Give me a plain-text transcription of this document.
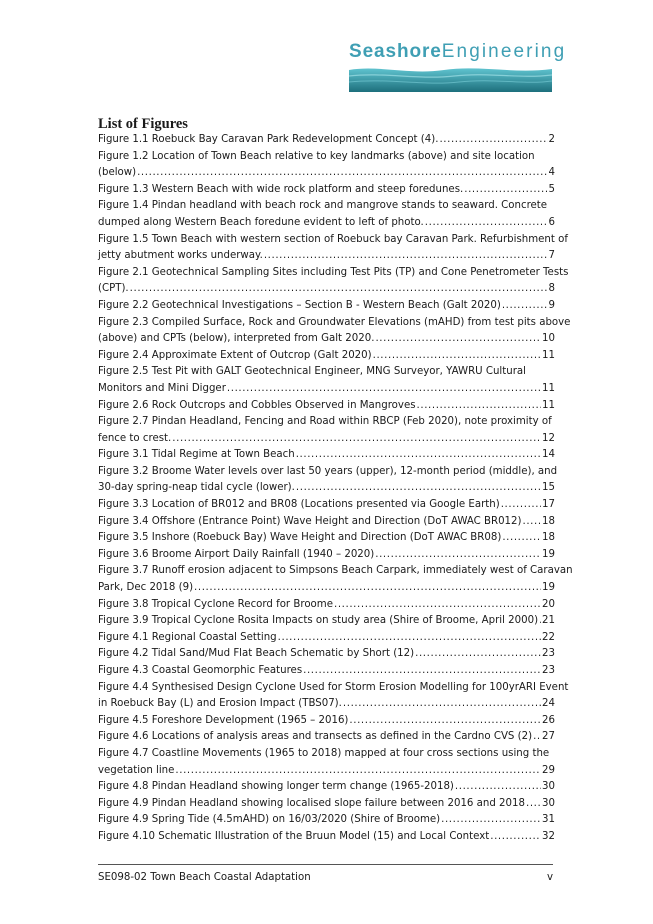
SeashoreEngineering
List of Figures
Figure 1.1 Roebuck Bay Caravan Park Redevelopment Concept (4). .....	2
Figure 1.2 Location of Town Beach relative to key landmarks (above) and site location
(below) .....	4
Figure 1.3 Western Beach with wide rock platform and steep foredunes. .....	5
Figure 1.4 Pindan headland with beach rock and mangrove stands to seaward. Concrete
dumped along Western Beach foredune evident to left of photo. .....	6
Figure 1.5 Town Beach with western section of Roebuck bay Caravan Park. Refurbishment of
jetty abutment works underway. .....	7
Figure 2.1 Geotechnical Sampling Sites including Test Pits (TP) and Cone Penetrometer Tests
(CPT). .....	8
Figure 2.2 Geotechnical Investigations – Section B - Western Beach (Galt 2020) .....	9
Figure 2.3 Compiled Surface, Rock and Groundwater Elevations (mAHD) from test pits above
(above) and CPTs (below), interpreted from Galt 2020. .....	10
Figure 2.4 Approximate Extent of Outcrop (Galt 2020) .....	11
Figure 2.5 Test Pit with GALT Geotechnical Engineer, MNG Surveyor, YAWRU Cultural
Monitors and Mini Digger .....	11
Figure 2.6 Rock Outcrops and Cobbles Observed in Mangroves .....	11
Figure 2.7 Pindan Headland, Fencing and Road within RBCP (Feb 2020), note proximity of
fence to crest. .....	12
Figure 3.1 Tidal Regime at Town Beach .....	14
Figure 3.2 Broome Water levels over last 50 years (upper), 12-month period (middle), and
30-day spring-neap tidal cycle (lower). .....	15
Figure 3.3 Location of BR012 and BR08 (Locations presented via Google Earth) .....	17
Figure 3.4 Offshore (Entrance Point) Wave Height and Direction (DoT AWAC BR012) ..... 18
Figure 3.5 Inshore (Roebuck Bay) Wave Height and Direction (DoT AWAC BR08) .....	18
Figure 3.6 Broome Airport Daily Rainfall (1940 – 2020) .....	19
Figure 3.7 Runoff erosion adjacent to Simpsons Beach Carpark, immediately west of Caravan
Park, Dec 2018 (9) .....	19
Figure 3.8 Tropical Cyclone Record for Broome .....	20
Figure 3.9 Tropical Cyclone Rosita Impacts on study area (Shire of Broome, April 2000) ..... 21
Figure 4.1 Regional Coastal Setting .....	22
Figure 4.2 Tidal Sand/Mud Flat Beach Schematic by Short (12) .....	23
Figure 4.3 Coastal Geomorphic Features .....	23
Figure 4.4 Synthesised Design Cyclone Used for Storm Erosion Modelling for 100yrARI Event
in Roebuck Bay (L) and Erosion Impact (TBS07). .....	24
Figure 4.5 Foreshore Development (1965 – 2016) .....	26
Figure 4.6 Locations of analysis areas and transects as defined in the Cardno CVS (2) ..... 27
Figure 4.7 Coastline Movements (1965 to 2018) mapped at four cross sections using the
vegetation line .....	29
Figure 4.8 Pindan Headland showing longer term change (1965-2018) .....	30
Figure 4.9 Pindan Headland showing localised slope failure between 2016 and 2018 ..... 30
Figure 4.9 Spring Tide (4.5mAHD) on 16/03/2020 (Shire of Broome) .....	31
Figure 4.10 Schematic Illustration of the Bruun Model (15) and Local Context .....	32
SE098-02 Town Beach Coastal Adaptation	v
